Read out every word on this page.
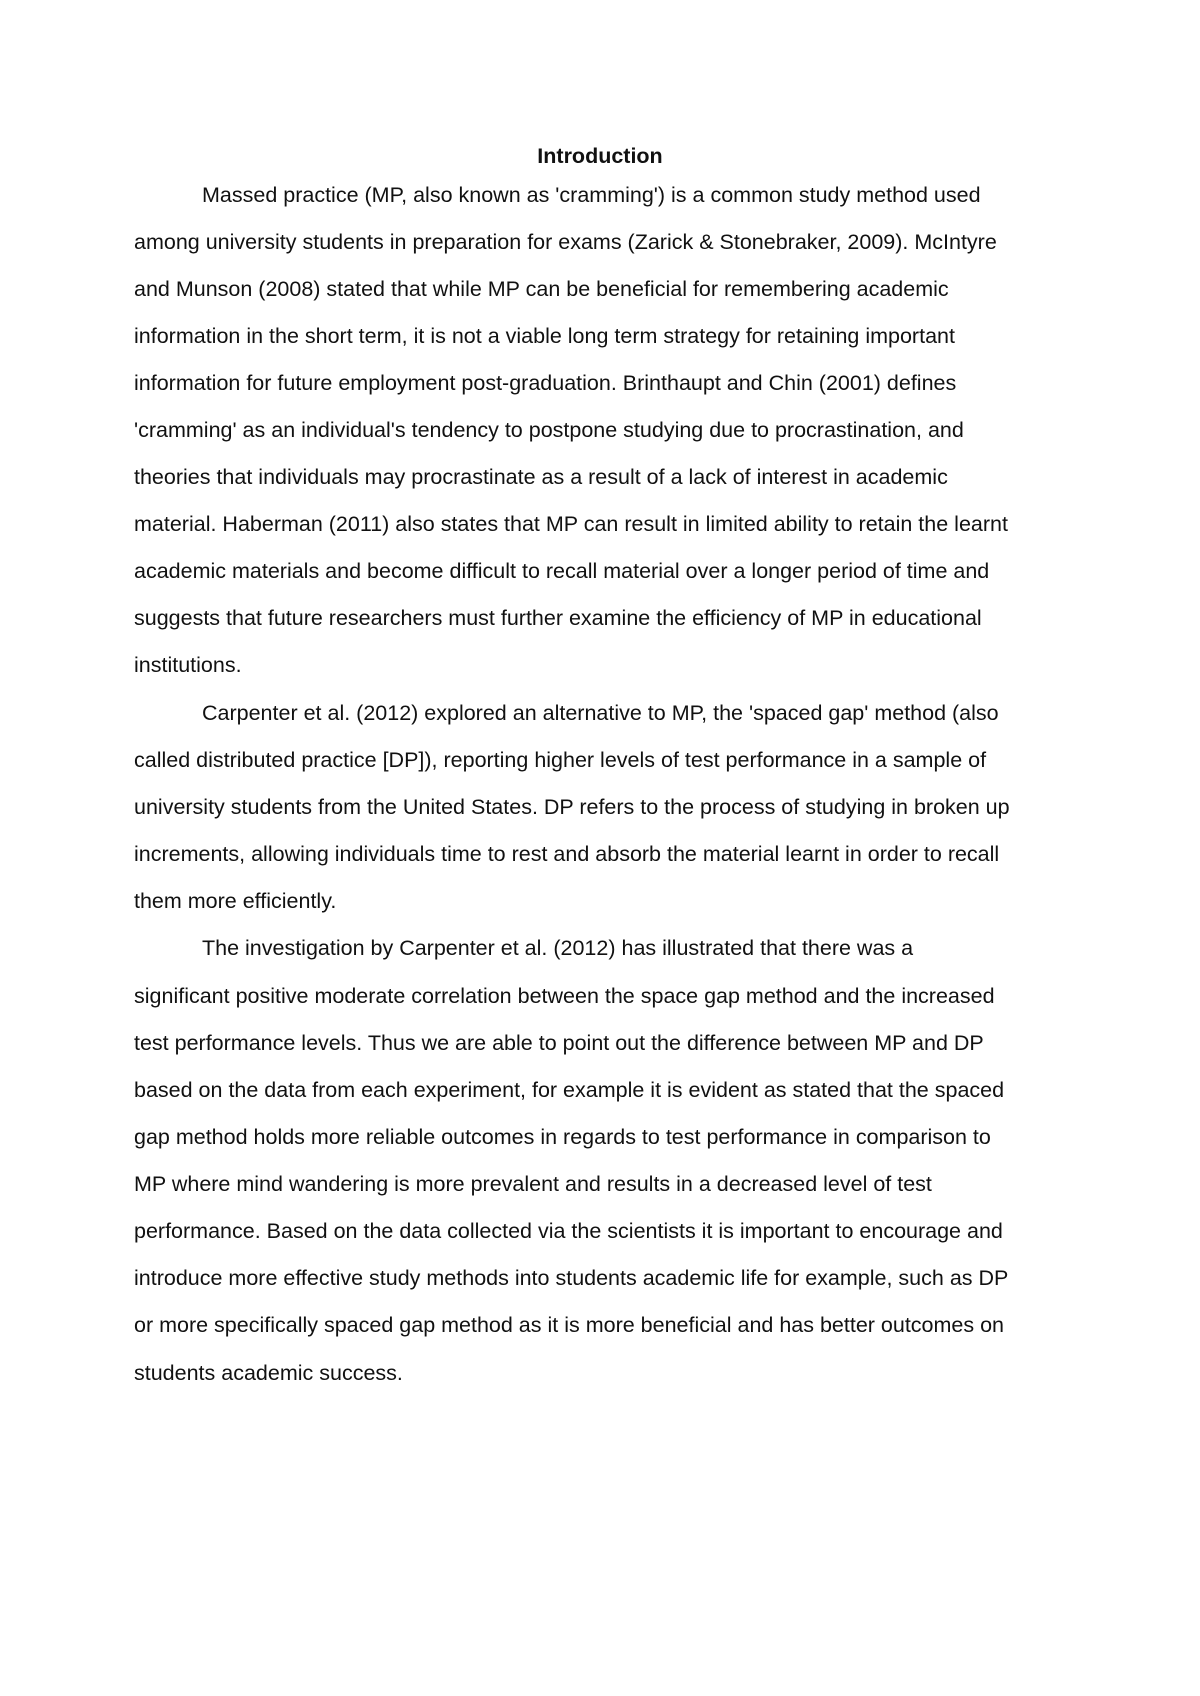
Introduction

Massed practice (MP, also known as 'cramming') is a common study method used

among university students in preparation for exams (Zarick & Stonebraker, 2009). McIntyre

and Munson (2008) stated that while MP can be beneficial for remembering academic

information in the short term, it is not a viable long term strategy for retaining important

information for future employment post-graduation. Brinthaupt and Chin (2001) defines

'cramming' as an individual's tendency to postpone studying due to procrastination, and

theories that individuals may procrastinate as a result of a lack of interest in academic

material. Haberman (2011) also states that MP can result in limited ability to retain the learnt

academic materials and become difficult to recall material over a longer period of time and

suggests that future researchers must further examine the efficiency of MP in educational

institutions.

Carpenter et al. (2012) explored an alternative to MP, the 'spaced gap' method (also

called distributed practice [DP]), reporting higher levels of test performance in a sample of

university students from the United States. DP refers to the process of studying in broken up

increments, allowing individuals time to rest and absorb the material learnt in order to recall

them more efficiently.

The investigation by Carpenter et al. (2012) has illustrated that there was a

significant positive moderate correlation between the space gap method and the increased

test performance levels. Thus we are able to point out the difference between MP and DP

based on the data from each experiment, for example it is evident as stated that the spaced

gap method holds more reliable outcomes in regards to test performance in comparison to

MP where mind wandering is more prevalent and results in a decreased level of test

performance. Based on the data collected via the scientists it is important to encourage and

introduce more effective study methods into students academic life for example, such as DP

or more specifically spaced gap method as it is more beneficial and has better outcomes on

students academic success.
